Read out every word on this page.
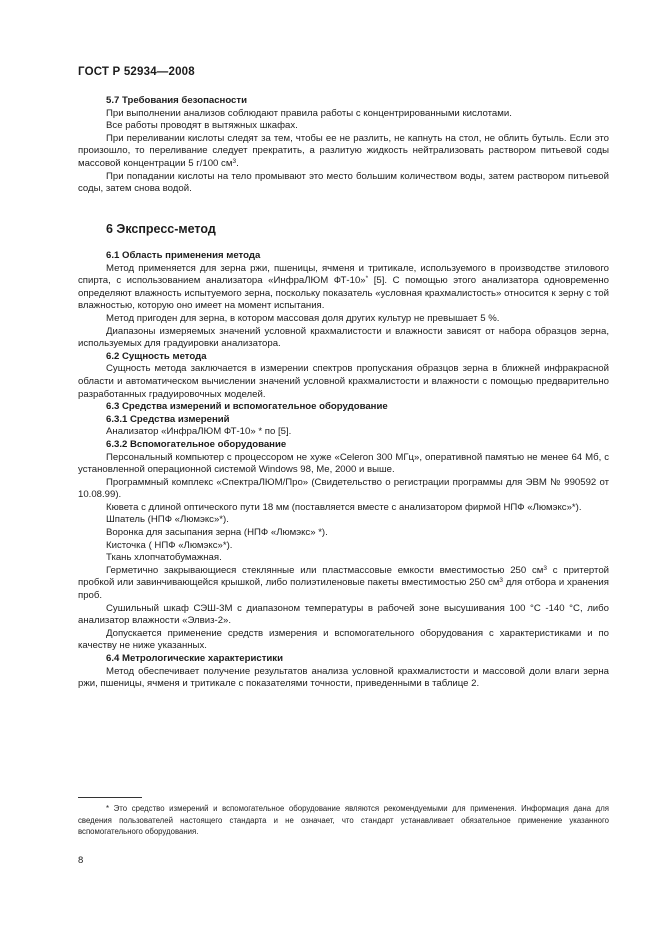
ГОСТ Р 52934—2008

5.7 Требования безопасности

При выполнении анализов соблюдают правила работы с концентрированными кислотами.

Все работы проводят в вытяжных шкафах.

При переливании кислоты следят за тем, чтобы ее не разлить, не капнуть на стол, не облить бутыль. Если это произошло, то переливание следует прекратить, а разлитую жидкость нейтрализовать раствором питьевой соды массовой концентрации 5 г/100 $см^3$.

При попадании кислоты на тело промывают это место большим количеством воды, затем раствором питьевой соды, затем снова водой.

6 Экспресс-метод

6.1 Область применения метода

Метод применяется для зерна ржи, пшеницы, ячменя и тритикале, используемого в производстве этилового спирта, с использованием анализатора «ИнфраЛЮМ ФТ-10»* [5]. С помощью этого анализатора одновременно определяют влажность испытуемого зерна, поскольку показатель «условная крахмалистость» относится к зерну с той влажностью, которую оно имеет на момент испытания.

Метод пригоден для зерна, в котором массовая доля других культур не превышает 5 %.

Диапазоны измеряемых значений условной крахмалистости и влажности зависят от набора образцов зерна, используемых для градуировки анализатора.

6.2 Сущность метода

Сущность метода заключается в измерении спектров пропускания образцов зерна в ближней инфракрасной области и автоматическом вычислении значений условной крахмалистости и влажности с помощью предварительно разработанных градуировочных моделей.

6.3 Средства измерений и вспомогательное оборудование

6.3.1 Средства измерений

Анализатор «ИнфраЛЮМ ФТ-10» * по [5].

6.3.2 Вспомогательное оборудование

Персональный компьютер с процессором не хуже «Celeron 300 МГц», оперативной памятью не менее 64 Мб, с установленной операционной системой Windows 98, Me, 2000 и выше.

Программный комплекс «СпектраЛЮМ/Про» (Свидетельство о регистрации программы для ЭВМ № 990592 от 10.08.99).

Кювета с длиной оптического пути 18 мм (поставляется вместе с анализатором фирмой НПФ «Люмэкс»*).

Шпатель (НПФ «Люмэкс»*).

Воронка для засыпания зерна (НПФ «Люмэкс» *).

Кисточка ( НПФ «Люмэкс»*).

Ткань хлопчатобумажная.

Герметично закрывающиеся стеклянные или пластмассовые емкости вместимостью 250 $см^3$ с притертой пробкой или завинчивающейся крышкой, либо полиэтиленовые пакеты вместимостью 250 $см^3$ для отбора и хранения проб.

Сушильный шкаф СЭШ-3М с диапазоном температуры в рабочей зоне высушивания 100 °С -140 °С, либо анализатор влажности «Элвиз-2».

Допускается применение средств измерения и вспомогательного оборудования с характеристиками и по качеству не ниже указанных.

6.4 Метрологические характеристики

Метод обеспечивает получение результатов анализа условной крахмалистости и массовой доли влаги зерна ржи, пшеницы, ячменя и тритикале с показателями точности, приведенными в таблице 2.

* Это средство измерений и вспомогательное оборудование являются рекомендуемыми для применения. Информация дана для сведения пользователей настоящего стандарта и не означает, что стандарт устанавливает обязательное применение указанного вспомогательного оборудования.

8
